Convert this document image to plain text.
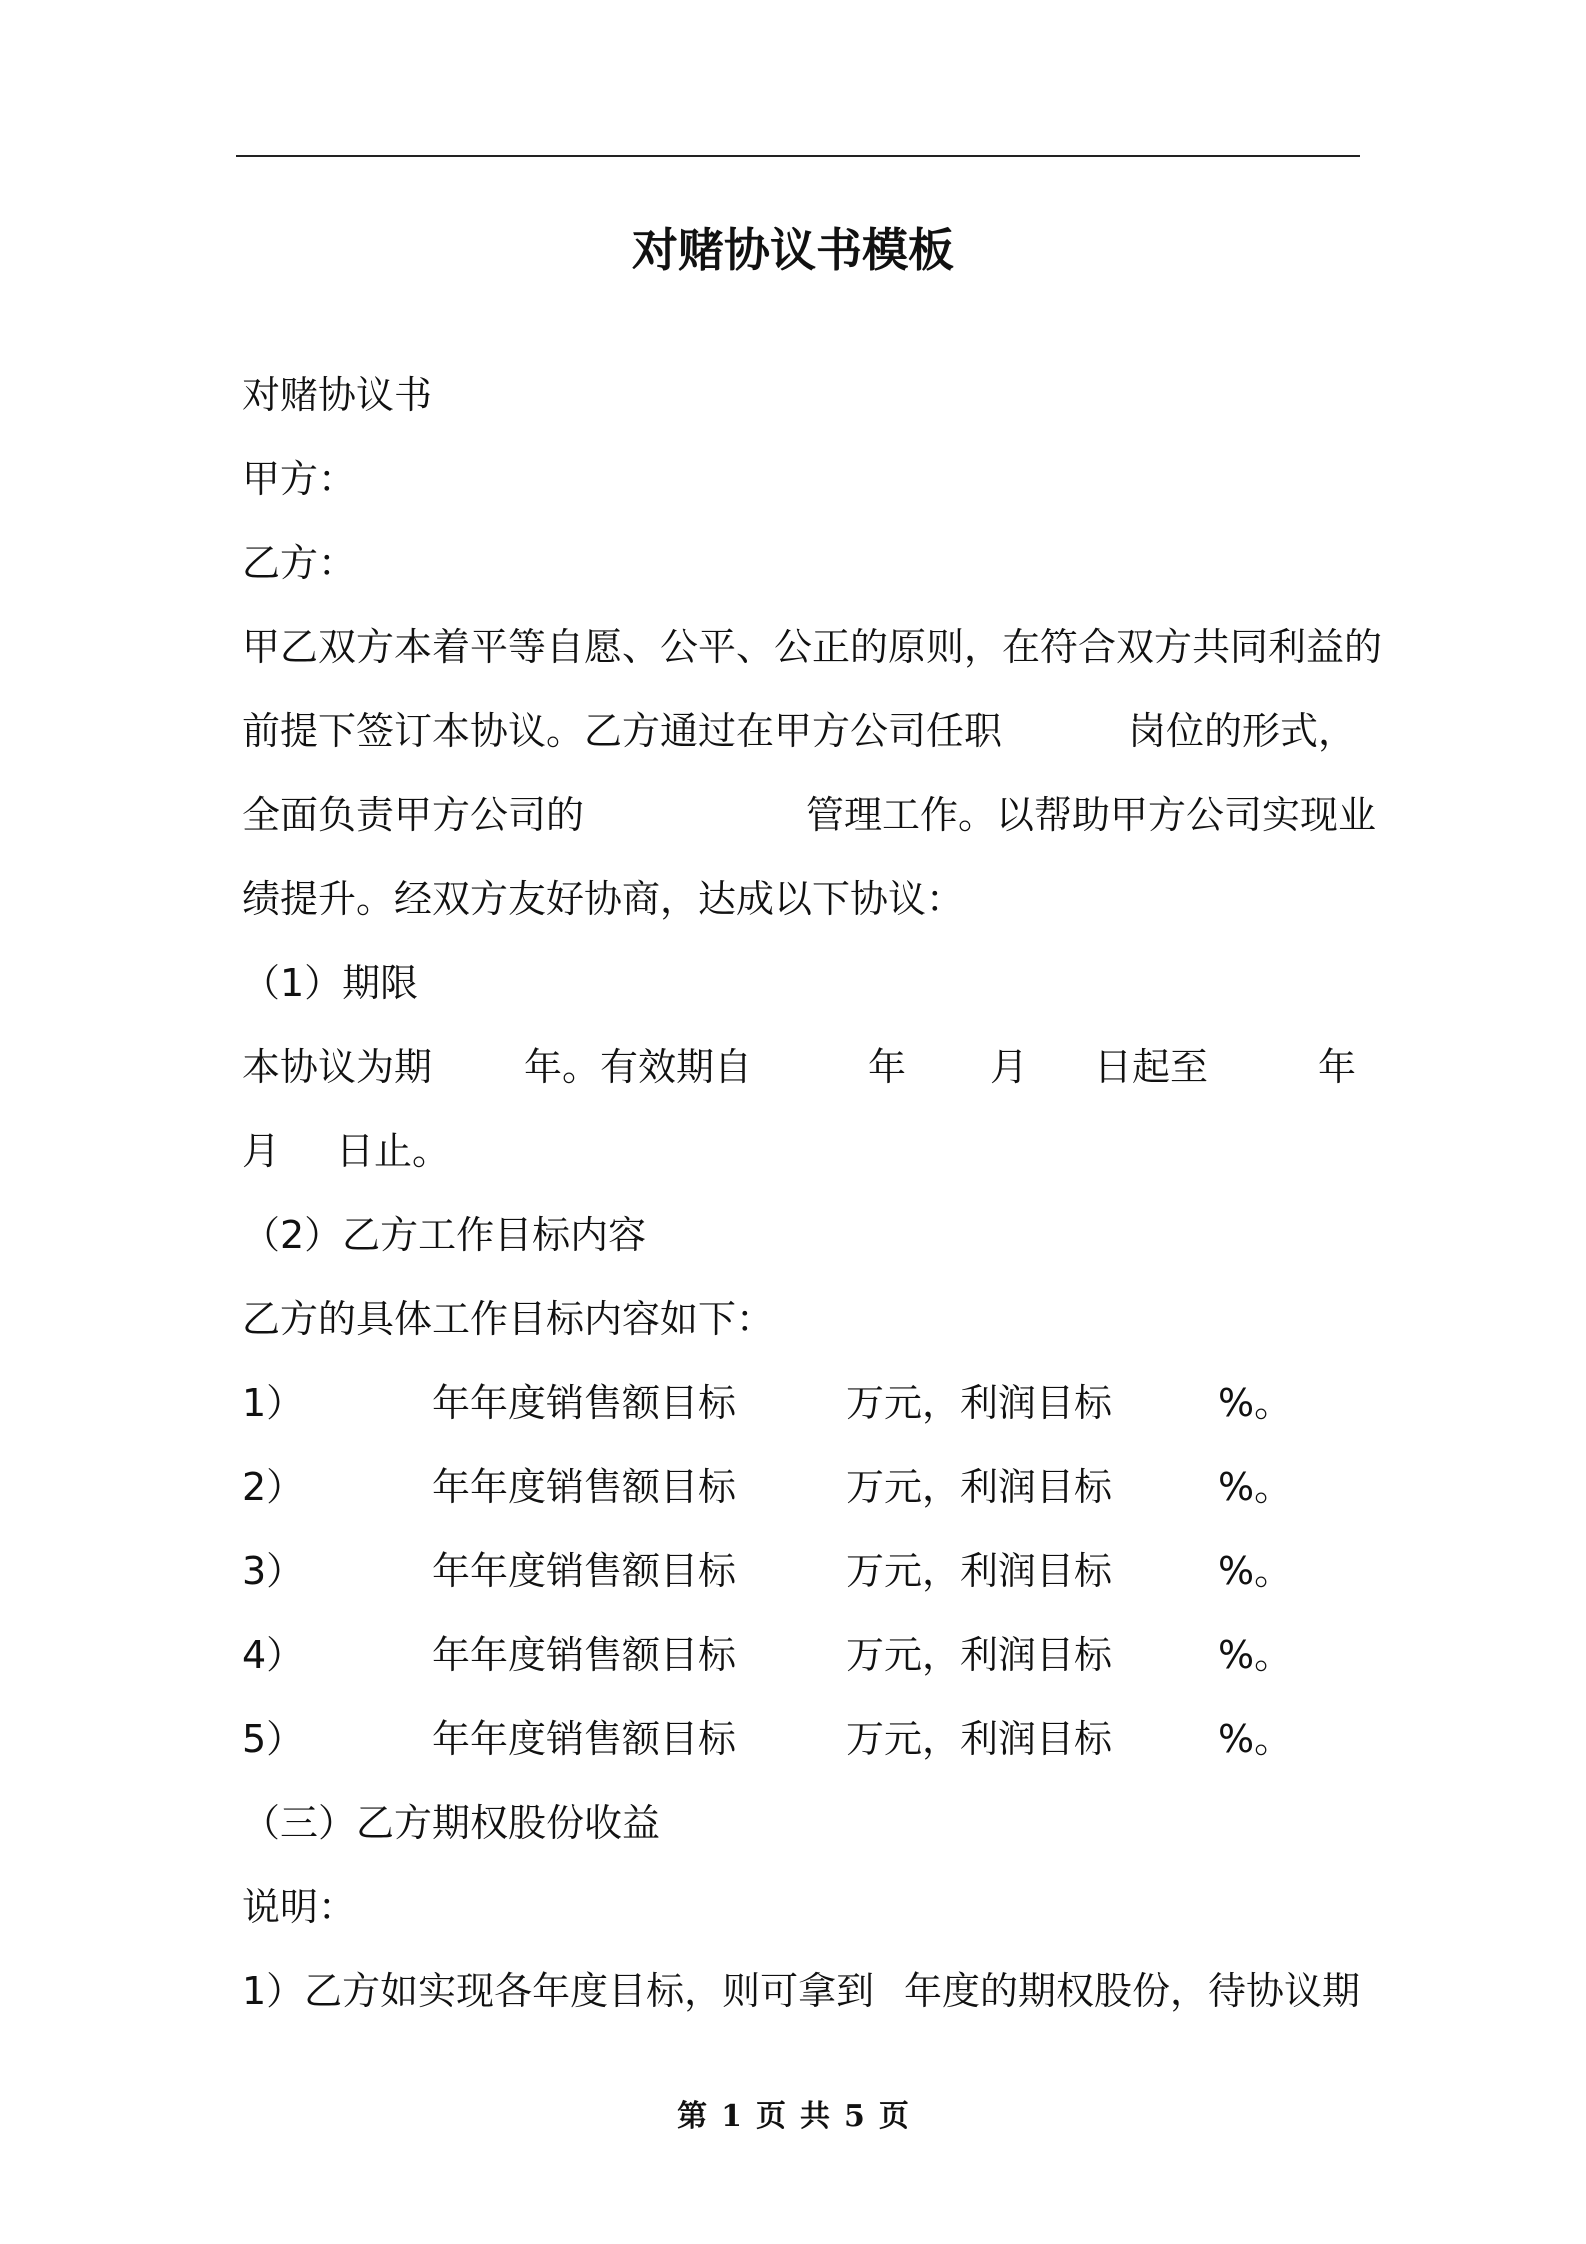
对赌协议书模板
对赌协议书
甲方：
乙方：
甲乙双方本着平等自愿、公平、公正的原则，在符合双方共同利益的
前提下签订本协议。乙方通过在甲方公司任职	岗位的形式，
全面负责甲方公司的	管理工作。以帮助甲方公司实现业
绩提升。经双方友好协商，达成以下协议：
（1）期限
本协议为期 年。有效期自	年 月 日起至	年
月 日止。
（2）乙方工作目标内容
乙方的具体工作目标内容如下：
1）	年年度销售额目标	万元，利润目标	%。
2）	年年度销售额目标	万元，利润目标	%。
3）	年年度销售额目标	万元，利润目标	%。
4）	年年度销售额目标	万元，利润目标	%。
5）	年年度销售额目标	万元，利润目标	%。
（三）乙方期权股份收益
说明：
1）乙方如实现各年度目标，则可拿到 年度的期权股份，待协议期
第 1 页 共 5 页
